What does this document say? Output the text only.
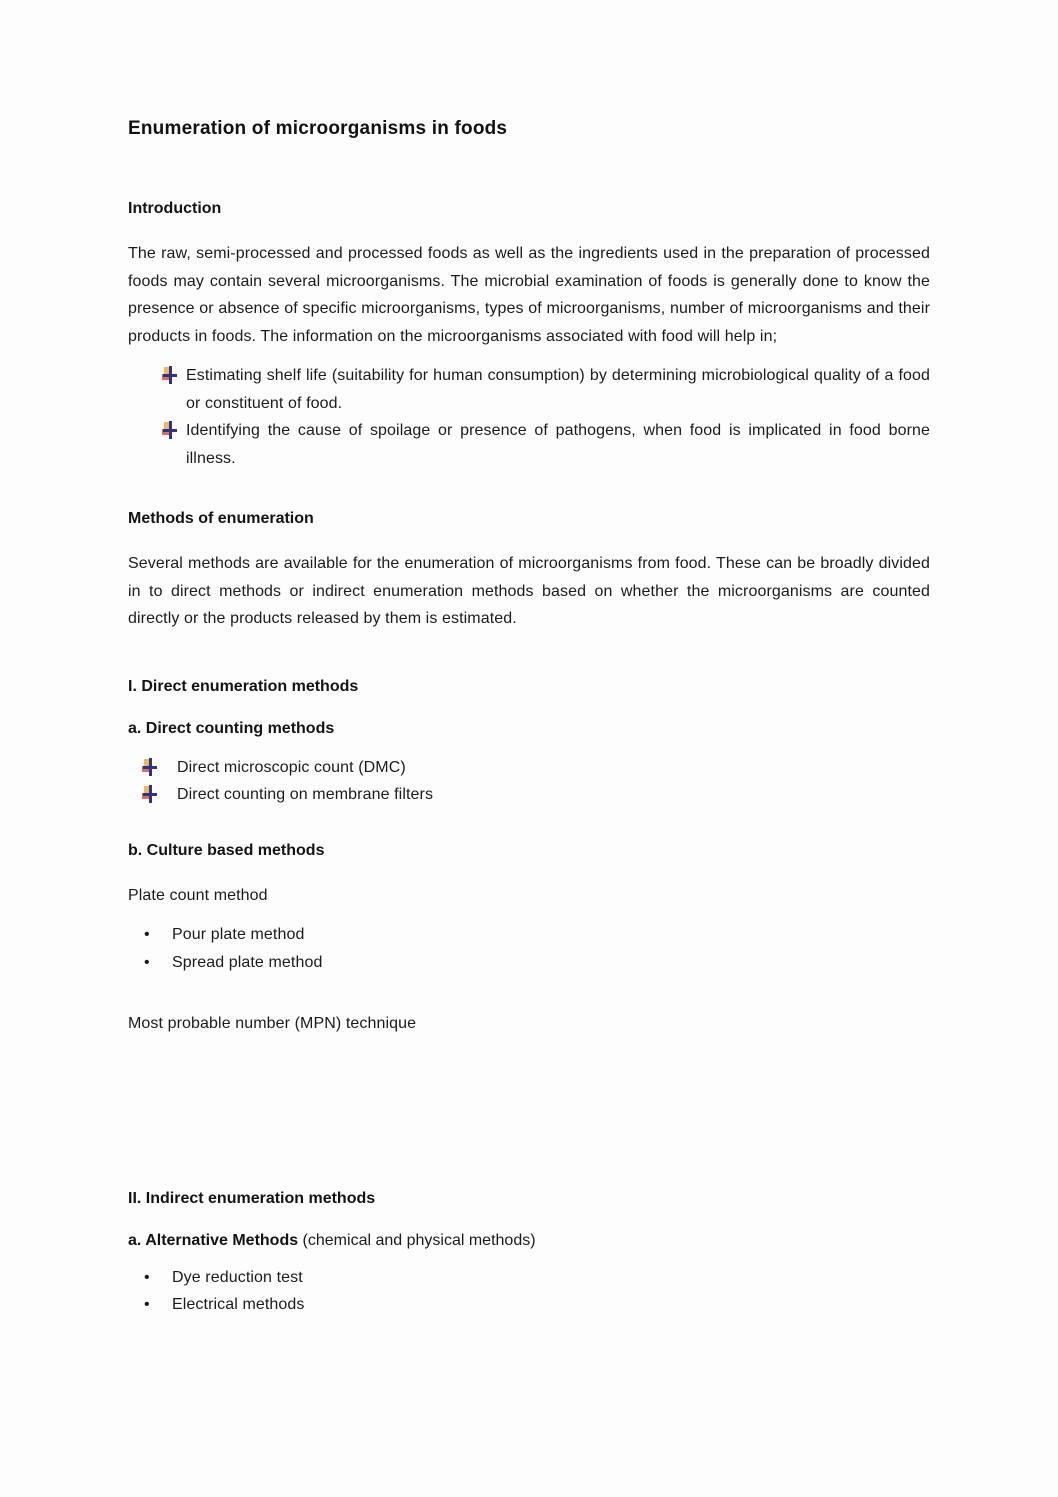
Enumeration of microorganisms in foods
Introduction

The raw, semi-processed and processed foods as well as the ingredients used in the preparation of processed foods may contain several microorganisms. The microbial examination of foods is generally done to know the presence or absence of specific microorganisms, types of microorganisms, number of microorganisms and their products in foods. The information on the microorganisms associated with food will help in;

Estimating shelf life (suitability for human consumption) by determining microbiological quality of a food or constituent of food.
Identifying the cause of spoilage or presence of pathogens, when food is implicated in food borne illness.
Methods of enumeration

Several methods are available for the enumeration of microorganisms from food. These can be broadly divided in to direct methods or indirect enumeration methods based on whether the microorganisms are counted directly or the products released by them is estimated.

I. Direct enumeration methods
a. Direct counting methods
Direct microscopic count (DMC)
Direct counting on membrane filters
b. Culture based methods
Plate count method
•	Pour plate method
•	Spread plate method
Most probable number (MPN) technique
II. Indirect enumeration methods
a. Alternative Methods (chemical and physical methods)
•	Dye reduction test
•	Electrical methods
